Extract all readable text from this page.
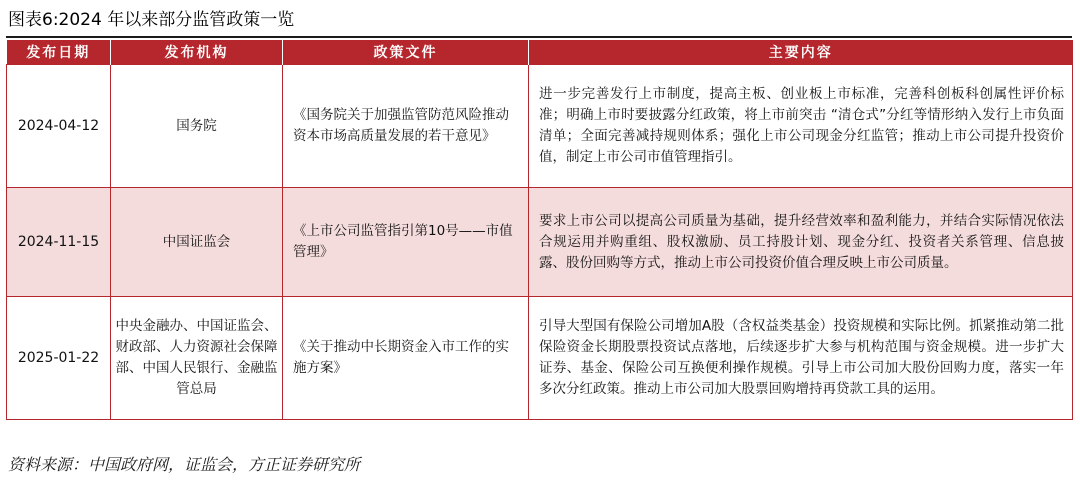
图表6:2024 年以来部分监管政策一览
发布日期	发布机构	政策文件	主要内容
2024-04-12	国务院	《国务院关于加强监管防范风险推动资本市场高质量发展的若干意见》	进一步完善发行上市制度，提高主板、创业板上市标准，完善科创板科创属性评价标准；明确上市时要披露分红政策，将上市前突击 “清仓式”分红等情形纳入发行上市负面清单；全面完善减持规则体系；强化上市公司现金分红监管；推动上市公司提升投资价值，制定上市公司市值管理指引。
2024-11-15	中国证监会	《上市公司监管指引第10号——市值管理》	要求上市公司以提高公司质量为基础，提升经营效率和盈利能力，并结合实际情况依法合规运用并购重组、股权激励、员工持股计划、现金分红、投资者关系管理、信息披露、股份回购等方式，推动上市公司投资价值合理反映上市公司质量。
2025-01-22	中央金融办、中国证监会、财政部、人力资源社会保障部、中国人民银行、金融监管总局	《关于推动中长期资金入市工作的实施方案》	引导大型国有保险公司增加A股（含权益类基金）投资规模和实际比例。抓紧推动第二批保险资金长期股票投资试点落地，后续逐步扩大参与机构范围与资金规模。进一步扩大证券、基金、保险公司互换便利操作规模。引导上市公司加大股份回购力度，落实一年多次分红政策。推动上市公司加大股票回购增持再贷款工具的运用。
资料来源：中国政府网，证监会，方正证券研究所
